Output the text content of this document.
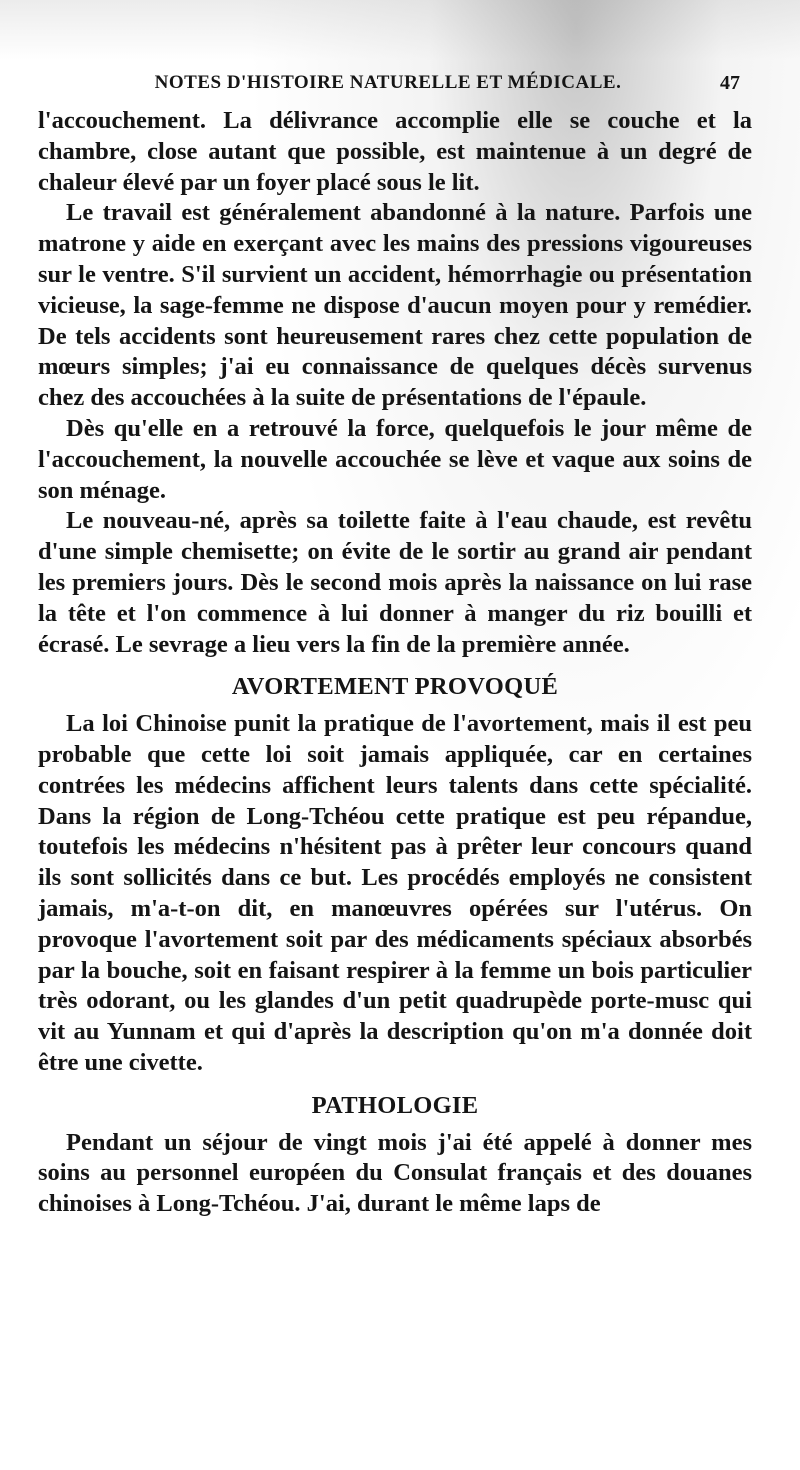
NOTES D'HISTOIRE NATURELLE ET MÉDICALE.	47

l'accouchement. La délivrance accomplie elle se couche et la chambre, close autant que possible, est maintenue à un degré de chaleur élevé par un foyer placé sous le lit.

Le travail est généralement abandonné à la nature. Parfois une matrone y aide en exerçant avec les mains des pressions vigoureuses sur le ventre. S'il survient un accident, hémorrhagie ou présentation vicieuse, la sage-femme ne dispose d'aucun moyen pour y remédier. De tels accidents sont heureusement rares chez cette population de mœurs simples; j'ai eu connaissance de quelques décès survenus chez des accouchées à la suite de présentations de l'épaule.

Dès qu'elle en a retrouvé la force, quelquefois le jour même de l'accouchement, la nouvelle accouchée se lève et vaque aux soins de son ménage.

Le nouveau-né, après sa toilette faite à l'eau chaude, est revêtu d'une simple chemisette; on évite de le sortir au grand air pendant les premiers jours. Dès le second mois après la naissance on lui rase la tête et l'on commence à lui donner à manger du riz bouilli et écrasé. Le sevrage a lieu vers la fin de la première année.

AVORTEMENT PROVOQUÉ

La loi Chinoise punit la pratique de l'avortement, mais il est peu probable que cette loi soit jamais appliquée, car en certaines contrées les médecins affichent leurs talents dans cette spécialité. Dans la région de Long-Tchéou cette pratique est peu répandue, toutefois les médecins n'hésitent pas à prêter leur concours quand ils sont sollicités dans ce but. Les procédés employés ne consistent jamais, m'a-t-on dit, en manœuvres opérées sur l'utérus. On provoque l'avortement soit par des médicaments spéciaux absorbés par la bouche, soit en faisant respirer à la femme un bois particulier très odorant, ou les glandes d'un petit quadrupède porte-musc qui vit au Yunnam et qui d'après la description qu'on m'a donnée doit être une civette.

PATHOLOGIE

Pendant un séjour de vingt mois j'ai été appelé à donner mes soins au personnel européen du Consulat français et des douanes chinoises à Long-Tchéou. J'ai, durant le même laps de
